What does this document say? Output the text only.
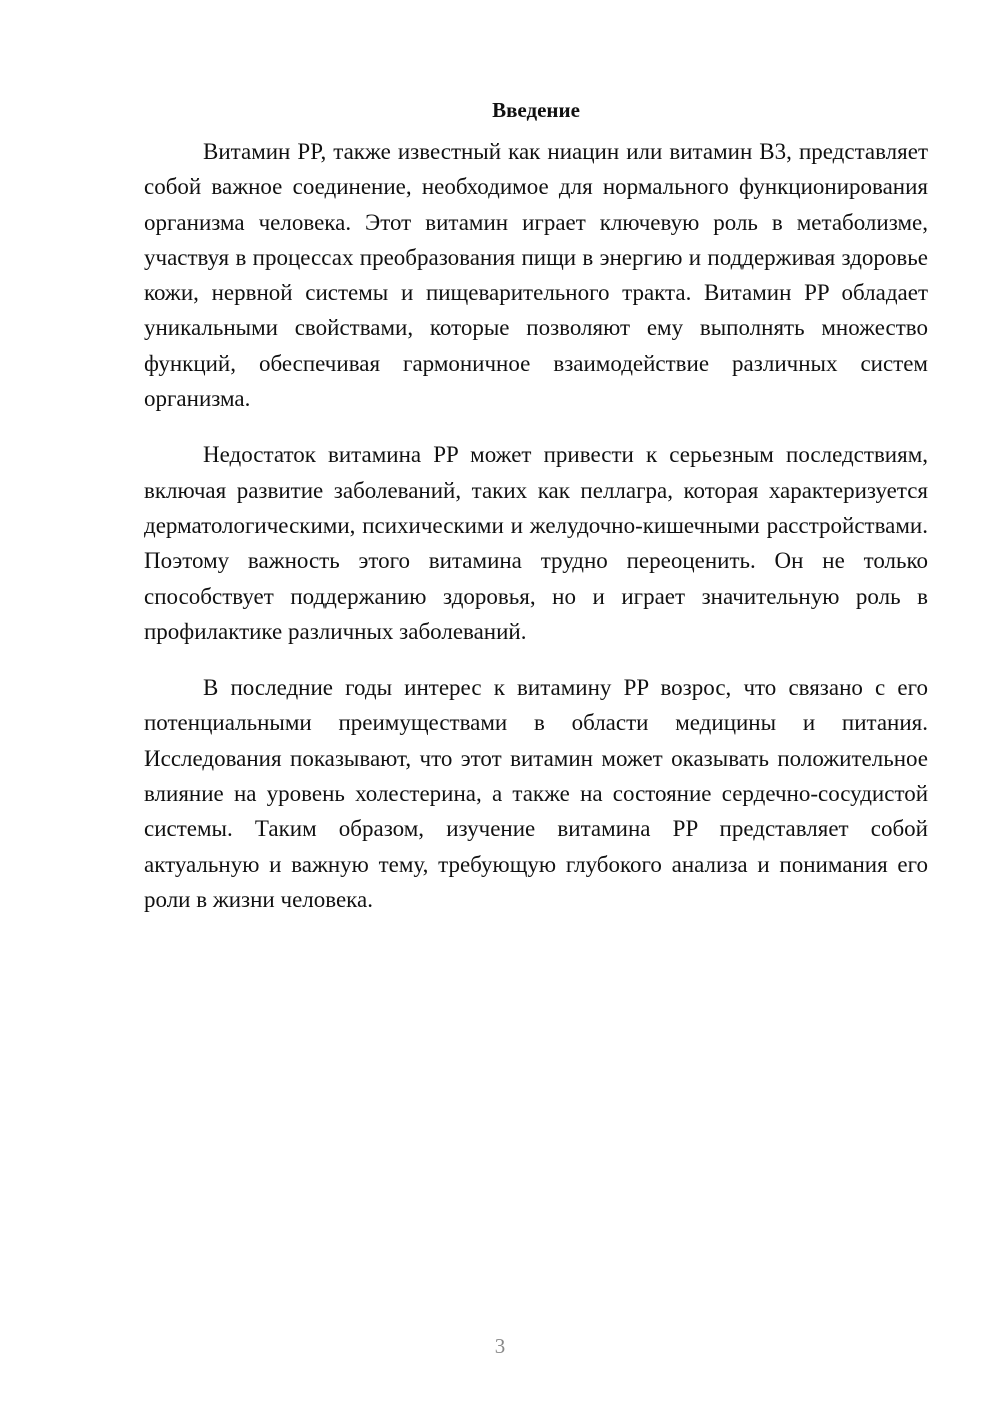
Введение

Витамин PP, также известный как ниацин или витамин B3, представляет собой важное соединение, необходимое для нормального функционирования организма человека. Этот витамин играет ключевую роль в метаболизме, участвуя в процессах преобразования пищи в энергию и поддерживая здоровье кожи, нервной системы и пищеварительного тракта. Витамин PP обладает уникальными свойствами, которые позволяют ему выполнять множество функций, обеспечивая гармоничное взаимодействие различных систем организма.

Недостаток витамина PP может привести к серьезным последствиям, включая развитие заболеваний, таких как пеллагра, которая характеризуется дерматологическими, психическими и желудочно-кишечными расстройствами. Поэтому важность этого витамина трудно переоценить. Он не только способствует поддержанию здоровья, но и играет значительную роль в профилактике различных заболеваний.

В последние годы интерес к витамину PP возрос, что связано с его потенциальными преимуществами в области медицины и питания. Исследования показывают, что этот витамин может оказывать положительное влияние на уровень холестерина, а также на состояние сердечно-сосудистой системы. Таким образом, изучение витамина PP представляет собой актуальную и важную тему, требующую глубокого анализа и понимания его роли в жизни человека.

3
